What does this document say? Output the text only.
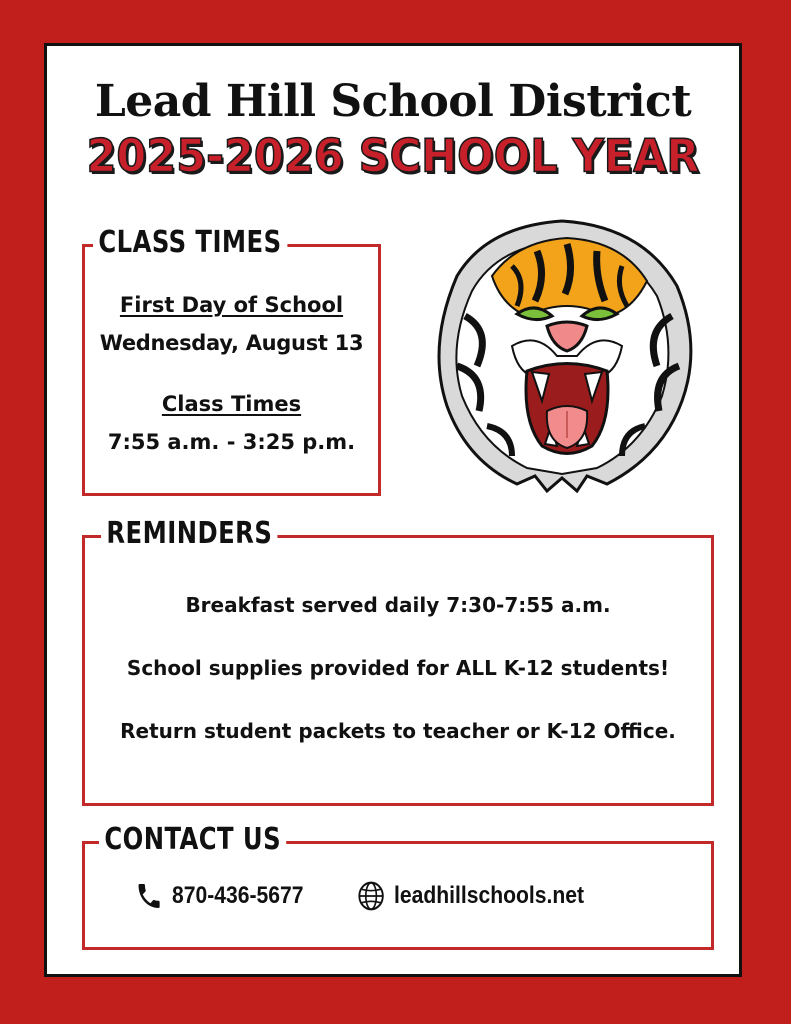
Lead Hill School District
2025-2026 SCHOOL YEAR
CLASS TIMES
First Day of School
Wednesday, August 13
Class Times
7:55 a.m. - 3:25 p.m.
REMINDERS
Breakfast served daily 7:30-7:55 a.m.
School supplies provided for ALL K-12 students!
Return student packets to teacher or K-12 Office.
CONTACT US
870-436-5677	leadhillschools.net
